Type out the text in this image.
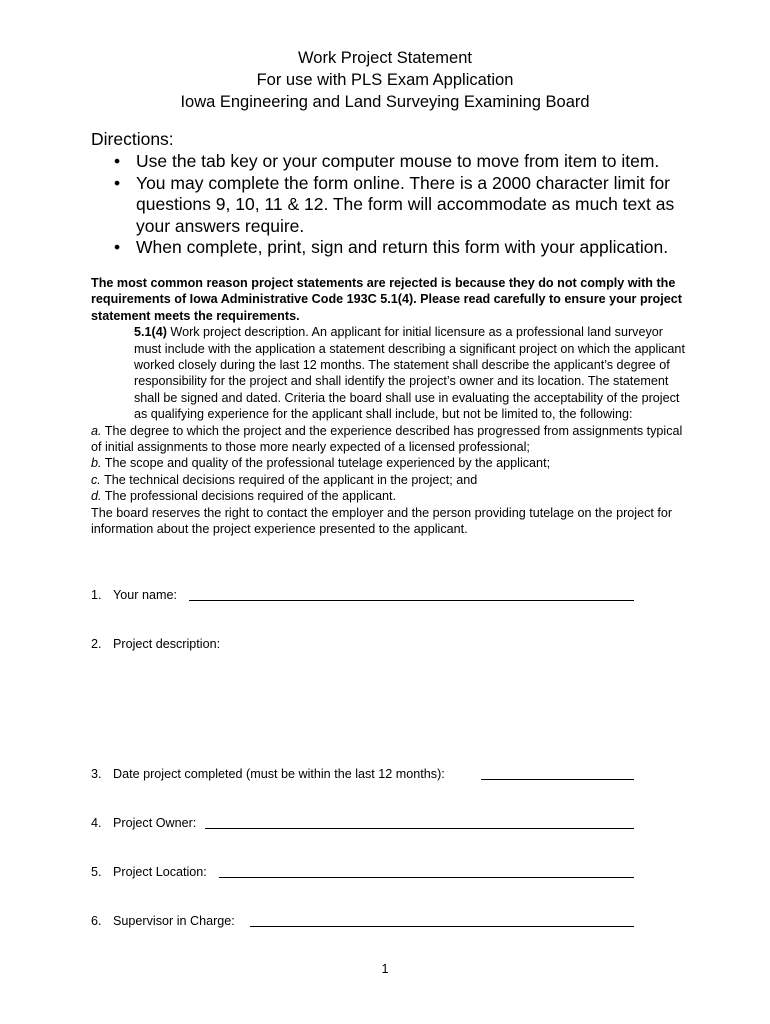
Work Project Statement
For use with PLS Exam Application
Iowa Engineering and Land Surveying Examining Board
Directions:
• Use the tab key or your computer mouse to move from item to item.
• You may complete the form online. There is a 2000 character limit for questions 9, 10, 11 & 12. The form will accommodate as much text as your answers require.
• When complete, print, sign and return this form with your application.

The most common reason project statements are rejected is because they do not comply with the requirements of Iowa Administrative Code 193C 5.1(4). Please read carefully to ensure your project statement meets the requirements.

5.1(4) Work project description. An applicant for initial licensure as a professional land surveyor must include with the application a statement describing a significant project on which the applicant worked closely during the last 12 months. The statement shall describe the applicant’s degree of responsibility for the project and shall identify the project’s owner and its location. The statement shall be signed and dated. Criteria the board shall use in evaluating the acceptability of the project as qualifying experience for the applicant shall include, but not be limited to, the following:

a. The degree to which the project and the experience described has progressed from assignments typical of initial assignments to those more nearly expected of a licensed professional;

b. The scope and quality of the professional tutelage experienced by the applicant;

c. The technical decisions required of the applicant in the project; and

d. The professional decisions required of the applicant.

The board reserves the right to contact the employer and the person providing tutelage on the project for information about the project experience presented to the applicant.

1. Your name:
2. Project description:
3. Date project completed (must be within the last 12 months):
4. Project Owner:
5. Project Location:
6. Supervisor in Charge:
1
